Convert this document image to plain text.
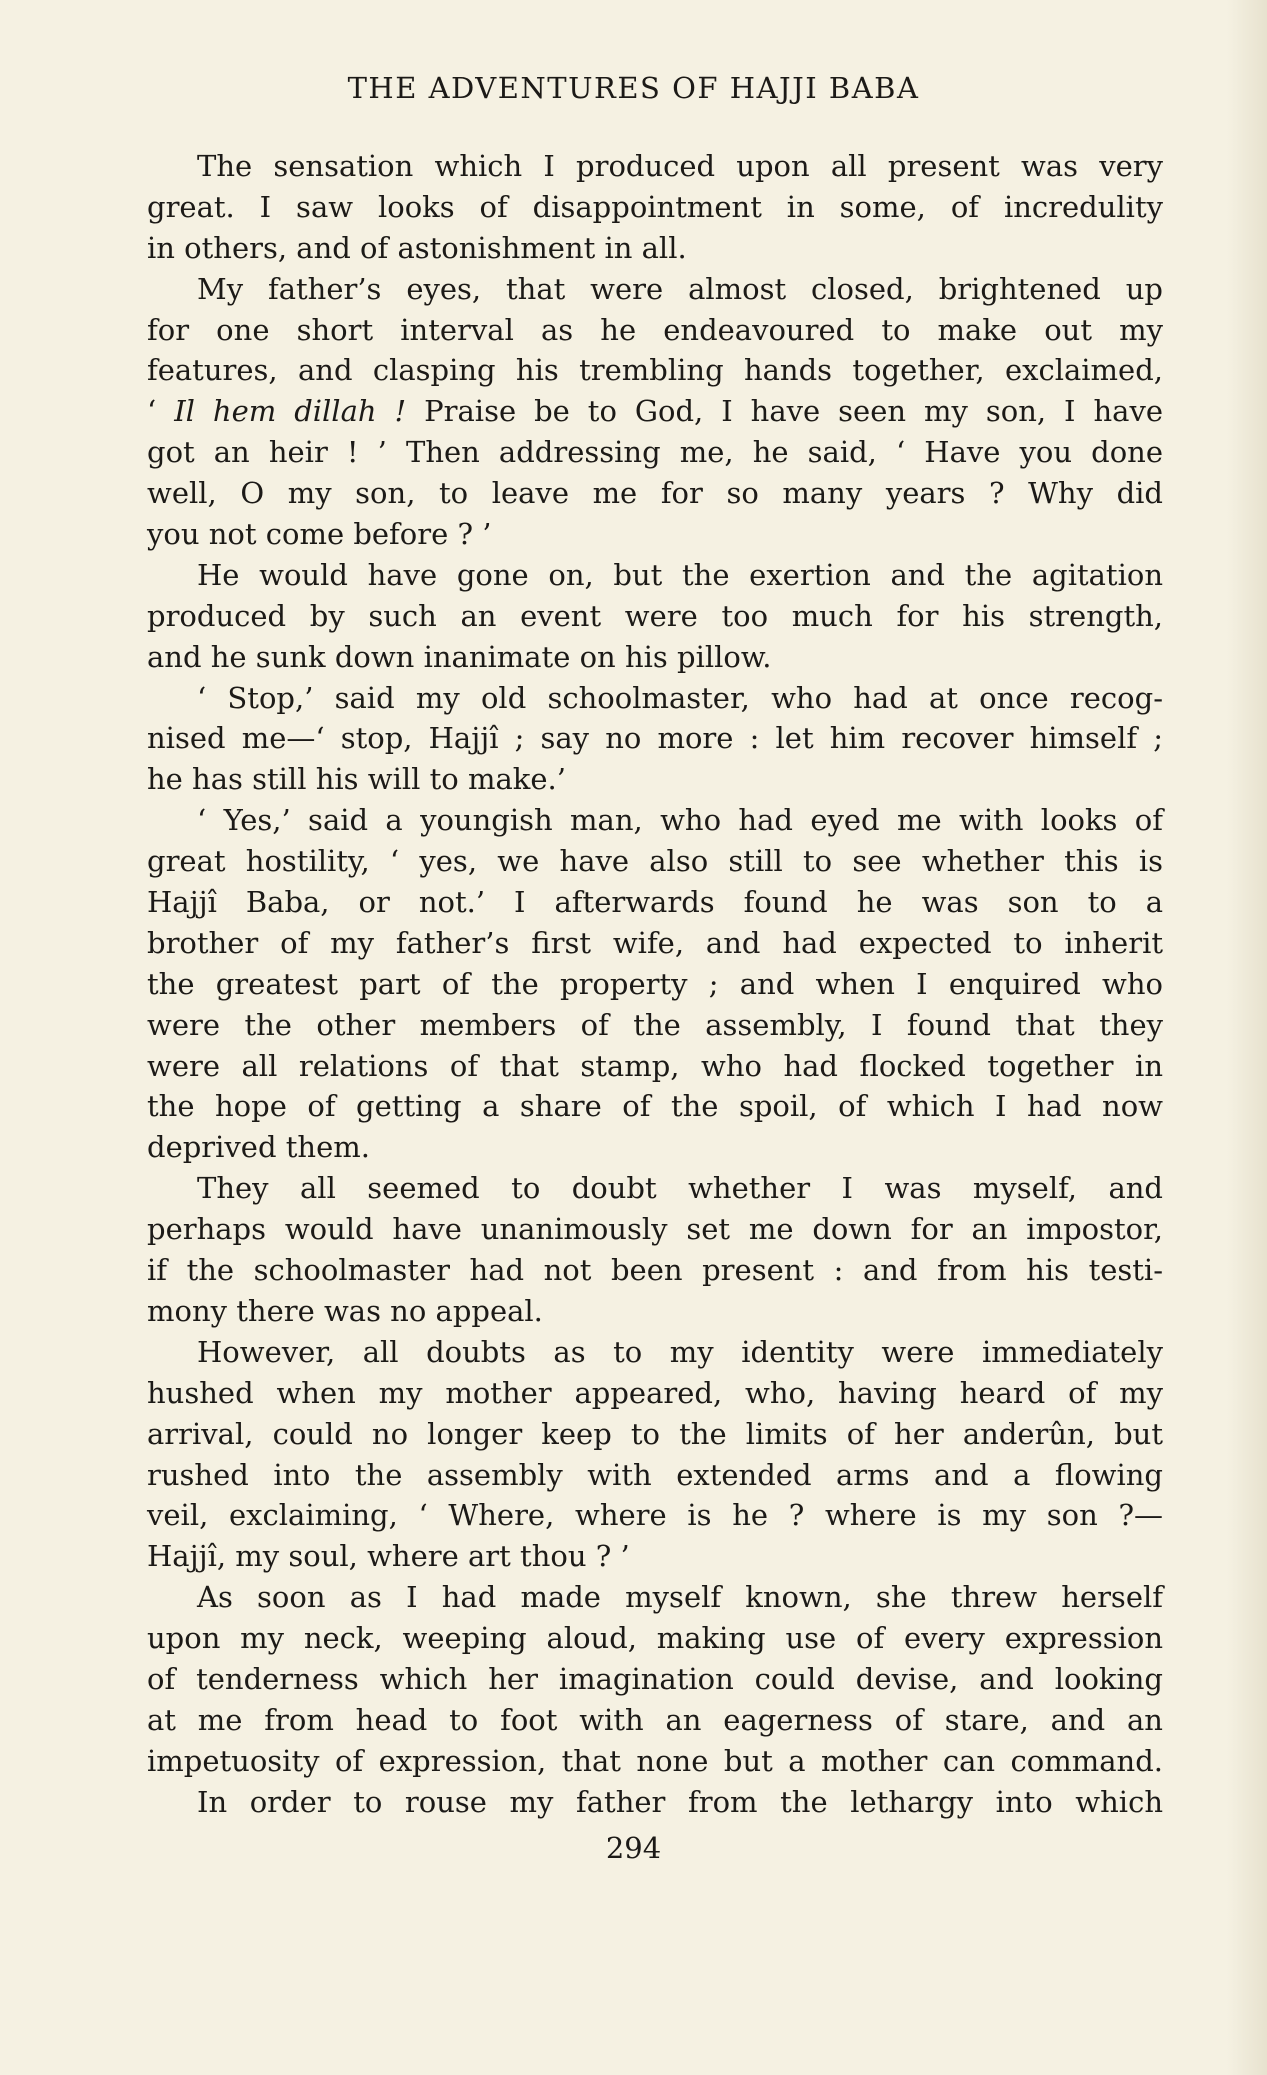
THE ADVENTURES OF HAJJI BABA
The sensation which I produced upon all present was very
great. I saw looks of disappointment in some, of incredulity
in others, and of astonishment in all.
My father’s eyes, that were almost closed, brightened up
for one short interval as he endeavoured to make out my
features, and clasping his trembling hands together, exclaimed,
‘ Il hem dillah ! Praise be to God, I have seen my son, I have
got an heir ! ’ Then addressing me, he said, ‘ Have you done
well, O my son, to leave me for so many years ? Why did
you not come before ? ’
He would have gone on, but the exertion and the agitation
produced by such an event were too much for his strength,
and he sunk down inanimate on his pillow.
‘ Stop,’ said my old schoolmaster, who had at once recog-
nised me—‘ stop, Hajjî ; say no more : let him recover himself ;
he has still his will to make.’
‘ Yes,’ said a youngish man, who had eyed me with looks of
great hostility, ‘ yes, we have also still to see whether this is
Hajjî Baba, or not.’ I afterwards found he was son to a
brother of my father’s first wife, and had expected to inherit
the greatest part of the property ; and when I enquired who
were the other members of the assembly, I found that they
were all relations of that stamp, who had flocked together in
the hope of getting a share of the spoil, of which I had now
deprived them.
They all seemed to doubt whether I was myself, and
perhaps would have unanimously set me down for an impostor,
if the schoolmaster had not been present : and from his testi-
mony there was no appeal.
However, all doubts as to my identity were immediately
hushed when my mother appeared, who, having heard of my
arrival, could no longer keep to the limits of her anderûn, but
rushed into the assembly with extended arms and a flowing
veil, exclaiming, ‘ Where, where is he ? where is my son ?—
Hajjî, my soul, where art thou ? ’
As soon as I had made myself known, she threw herself
upon my neck, weeping aloud, making use of every expression
of tenderness which her imagination could devise, and looking
at me from head to foot with an eagerness of stare, and an
impetuosity of expression, that none but a mother can command.
In order to rouse my father from the lethargy into which
294
